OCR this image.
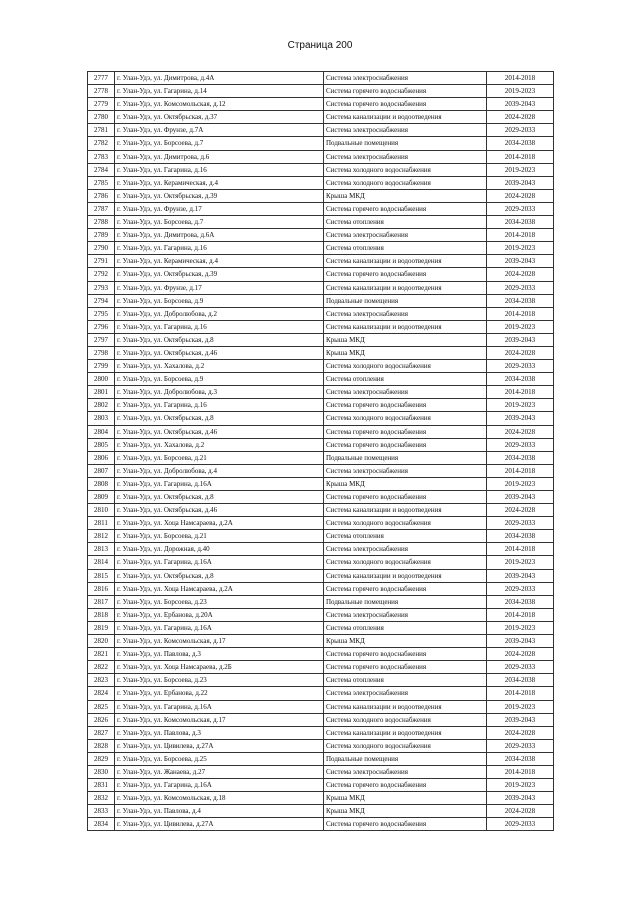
Страница 200
2777	г. Улан-Удэ, ул. Димитрова, д.4А	Система электроснабжения	2014-2018
2778	г. Улан-Удэ, ул. Гагарина, д.14	Система горячего водоснабжения	2019-2023
2779	г. Улан-Удэ, ул. Комсомольская, д.12	Система горячего водоснабжения	2039-2043
2780	г. Улан-Удэ, ул. Октябрьская, д.37	Система канализации и водоотведения	2024-2028
2781	г. Улан-Удэ, ул. Фрунзе, д.7А	Система электроснабжения	2029-2033
2782	г. Улан-Удэ, ул. Борсоева, д.7	Подвальные помещения	2034-2038
2783	г. Улан-Удэ, ул. Димитрова, д.6	Система электроснабжения	2014-2018
2784	г. Улан-Удэ, ул. Гагарина, д.16	Система холодного водоснабжения	2019-2023
2785	г. Улан-Удэ, ул. Керамическая, д.4	Система холодного водоснабжения	2039-2043
2786	г. Улан-Удэ, ул. Октябрьская, д.39	Крыша МКД	2024-2028
2787	г. Улан-Удэ, ул. Фрунзе, д.17	Система горячего водоснабжения	2029-2033
2788	г. Улан-Удэ, ул. Борсоева, д.7	Система отопления	2034-2038
2789	г. Улан-Удэ, ул. Димитрова, д.6А	Система электроснабжения	2014-2018
2790	г. Улан-Удэ, ул. Гагарина, д.16	Система отопления	2019-2023
2791	г. Улан-Удэ, ул. Керамическая, д.4	Система канализации и водоотведения	2039-2043
2792	г. Улан-Удэ, ул. Октябрьская, д.39	Система горячего водоснабжения	2024-2028
2793	г. Улан-Удэ, ул. Фрунзе, д.17	Система канализации и водоотведения	2029-2033
2794	г. Улан-Удэ, ул. Борсоева, д.9	Подвальные помещения	2034-2038
2795	г. Улан-Удэ, ул. Добролюбова, д.2	Система электроснабжения	2014-2018
2796	г. Улан-Удэ, ул. Гагарина, д.16	Система канализации и водоотведения	2019-2023
2797	г. Улан-Удэ, ул. Октябрьская, д.8	Крыша МКД	2039-2043
2798	г. Улан-Удэ, ул. Октябрьская, д.46	Крыша МКД	2024-2028
2799	г. Улан-Удэ, ул. Хахалова, д.2	Система холодного водоснабжения	2029-2033
2800	г. Улан-Удэ, ул. Борсоева, д.9	Система отопления	2034-2038
2801	г. Улан-Удэ, ул. Добролюбова, д.3	Система электроснабжения	2014-2018
2802	г. Улан-Удэ, ул. Гагарина, д.16	Система горячего водоснабжения	2019-2023
2803	г. Улан-Удэ, ул. Октябрьская, д.8	Система холодного водоснабжения	2039-2043
2804	г. Улан-Удэ, ул. Октябрьская, д.46	Система горячего водоснабжения	2024-2028
2805	г. Улан-Удэ, ул. Хахалова, д.2	Система горячего водоснабжения	2029-2033
2806	г. Улан-Удэ, ул. Борсоева, д.21	Подвальные помещения	2034-2038
2807	г. Улан-Удэ, ул. Добролюбова, д.4	Система электроснабжения	2014-2018
2808	г. Улан-Удэ, ул. Гагарина, д.16А	Крыша МКД	2019-2023
2809	г. Улан-Удэ, ул. Октябрьская, д.8	Система горячего водоснабжения	2039-2043
2810	г. Улан-Удэ, ул. Октябрьская, д.46	Система канализации и водоотведения	2024-2028
2811	г. Улан-Удэ, ул. Хоца Намсараева, д.2А	Система холодного водоснабжения	2029-2033
2812	г. Улан-Удэ, ул. Борсоева, д.21	Система отопления	2034-2038
2813	г. Улан-Удэ, ул. Дорожная, д.40	Система электроснабжения	2014-2018
2814	г. Улан-Удэ, ул. Гагарина, д.16А	Система холодного водоснабжения	2019-2023
2815	г. Улан-Удэ, ул. Октябрьская, д.8	Система канализации и водоотведения	2039-2043
2816	г. Улан-Удэ, ул. Хоца Намсараева, д.2А	Система горячего водоснабжения	2029-2033
2817	г. Улан-Удэ, ул. Борсоева, д.23	Подвальные помещения	2034-2038
2818	г. Улан-Удэ, ул. Ербанова, д.20А	Система электроснабжения	2014-2018
2819	г. Улан-Удэ, ул. Гагарина, д.16А	Система отопления	2019-2023
2820	г. Улан-Удэ, ул. Комсомольская, д.17	Крыша МКД	2039-2043
2821	г. Улан-Удэ, ул. Павлова, д.3	Система горячего водоснабжения	2024-2028
2822	г. Улан-Удэ, ул. Хоца Намсараева, д.2Б	Система горячего водоснабжения	2029-2033
2823	г. Улан-Удэ, ул. Борсоева, д.23	Система отопления	2034-2038
2824	г. Улан-Удэ, ул. Ербанова, д.22	Система электроснабжения	2014-2018
2825	г. Улан-Удэ, ул. Гагарина, д.16А	Система канализации и водоотведения	2019-2023
2826	г. Улан-Удэ, ул. Комсомольская, д.17	Система холодного водоснабжения	2039-2043
2827	г. Улан-Удэ, ул. Павлова, д.3	Система канализации и водоотведения	2024-2028
2828	г. Улан-Удэ, ул. Цивилева, д.27А	Система холодного водоснабжения	2029-2033
2829	г. Улан-Удэ, ул. Борсоева, д.25	Подвальные помещения	2034-2038
2830	г. Улан-Удэ, ул. Жанаева, д.27	Система электроснабжения	2014-2018
2831	г. Улан-Удэ, ул. Гагарина, д.16А	Система горячего водоснабжения	2019-2023
2832	г. Улан-Удэ, ул. Комсомольская, д.18	Крыша МКД	2039-2043
2833	г. Улан-Удэ, ул. Павлова, д.4	Крыша МКД	2024-2028
2834	г. Улан-Удэ, ул. Цивилева, д.27А	Система горячего водоснабжения	2029-2033
